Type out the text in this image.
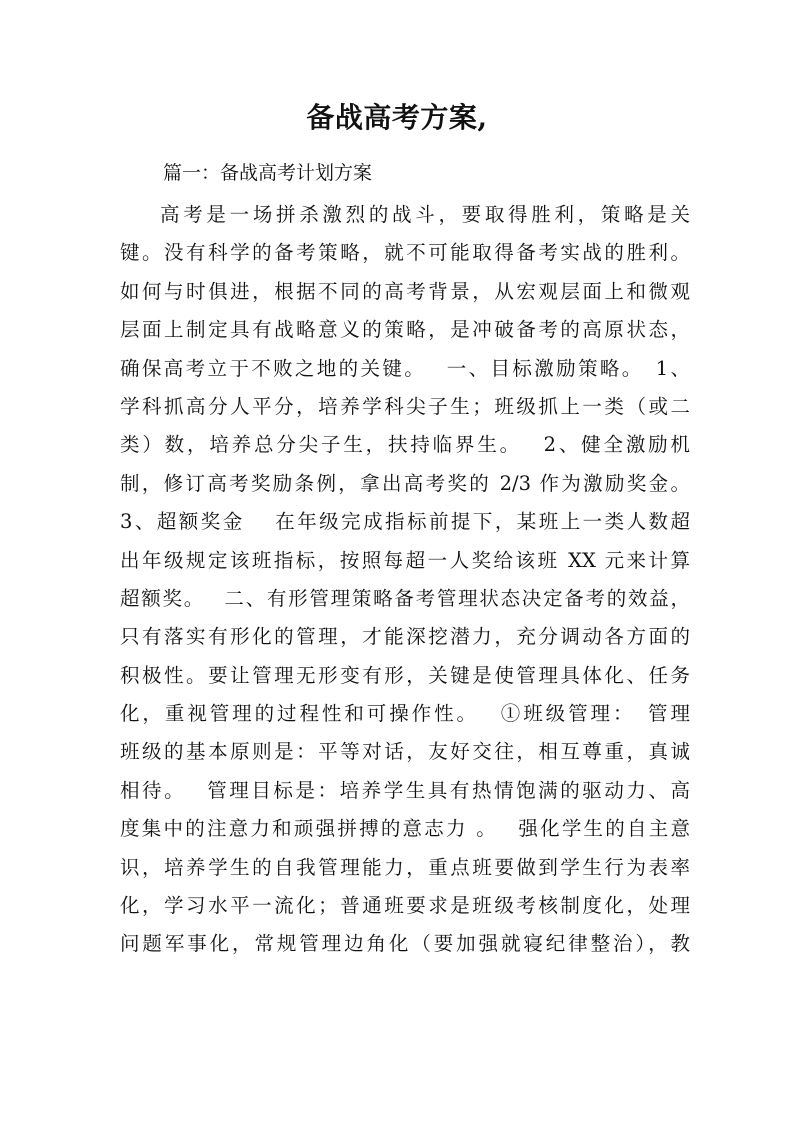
备战高考方案,

篇一：备战高考计划方案

高考是一场拼杀激烈的战斗，要取得胜利，策略是关
键。没有科学的备考策略，就不可能取得备考实战的胜利。
如何与时俱进，根据不同的高考背景，从宏观层面上和微观
层面上制定具有战略意义的策略，是冲破备考的高原状态，
确保高考立于不败之地的关键。　 一、目标激励策略。　1、
学科抓高分人平分，培养学科尖子生；班级抓上一类（或二
类）数，培养总分尖子生，扶持临界生。　 2、健全激励机
制，修订高考奖励条例，拿出高考奖的 2/3 作为激励奖金。
3、超额奖金　 在年级完成指标前提下，某班上一类人数超
出年级规定该班指标，按照每超一人奖给该班 XX 元来计算
超额奖。　 二、有形管理策略备考管理状态决定备考的效益，
只有落实有形化的管理，才能深挖潜力，充分调动各方面的
积极性。要让管理无形变有形，关键是使管理具体化、任务
化，重视管理的过程性和可操作性。　 ①班级管理：　管理
班级的基本原则是：平等对话，友好交往，相互尊重，真诚
相待。　 管理目标是：培养学生具有热情饱满的驱动力、高
度集中的注意力和顽强拼搏的意志力 。　 强化学生的自主意
识，培养学生的自我管理能力，重点班要做到学生行为表率
化，学习水平一流化；普通班要求是班级考核制度化，处理
问题军事化，常规管理边角化（要加强就寝纪律整治），教
